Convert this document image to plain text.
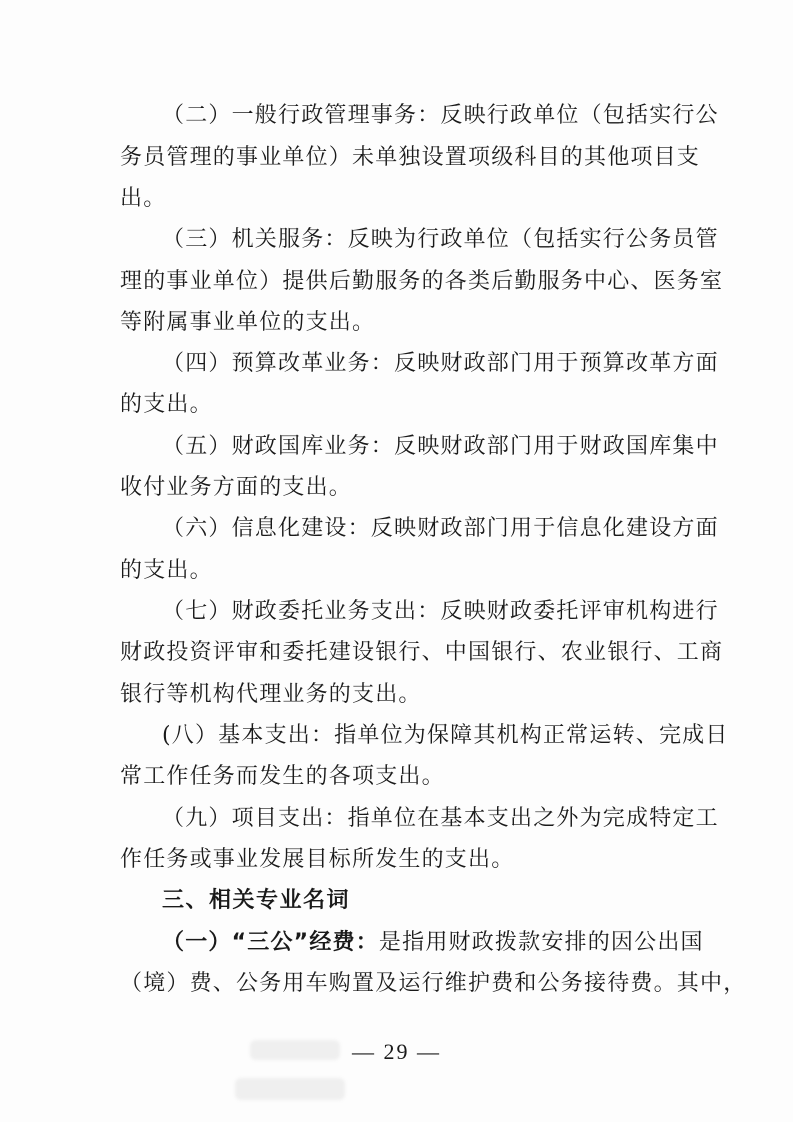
（二）一般行政管理事务：反映行政单位（包括实行公
务员管理的事业单位）未单独设置项级科目的其他项目支
出。
（三）机关服务：反映为行政单位（包括实行公务员管
理的事业单位）提供后勤服务的各类后勤服务中心、医务室
等附属事业单位的支出。
（四）预算改革业务：反映财政部门用于预算改革方面
的支出。
（五）财政国库业务：反映财政部门用于财政国库集中
收付业务方面的支出。
（六）信息化建设：反映财政部门用于信息化建设方面
的支出。
（七）财政委托业务支出：反映财政委托评审机构进行
财政投资评审和委托建设银行、中国银行、农业银行、工商
银行等机构代理业务的支出。
(八）基本支出：指单位为保障其机构正常运转、完成日
常工作任务而发生的各项支出。
（九）项目支出：指单位在基本支出之外为完成特定工
作任务或事业发展目标所发生的支出。
三、相关专业名词
（一）“三公”经费：是指用财政拨款安排的因公出国
（境）费、公务用车购置及运行维护费和公务接待费。其中，
— 29 —
